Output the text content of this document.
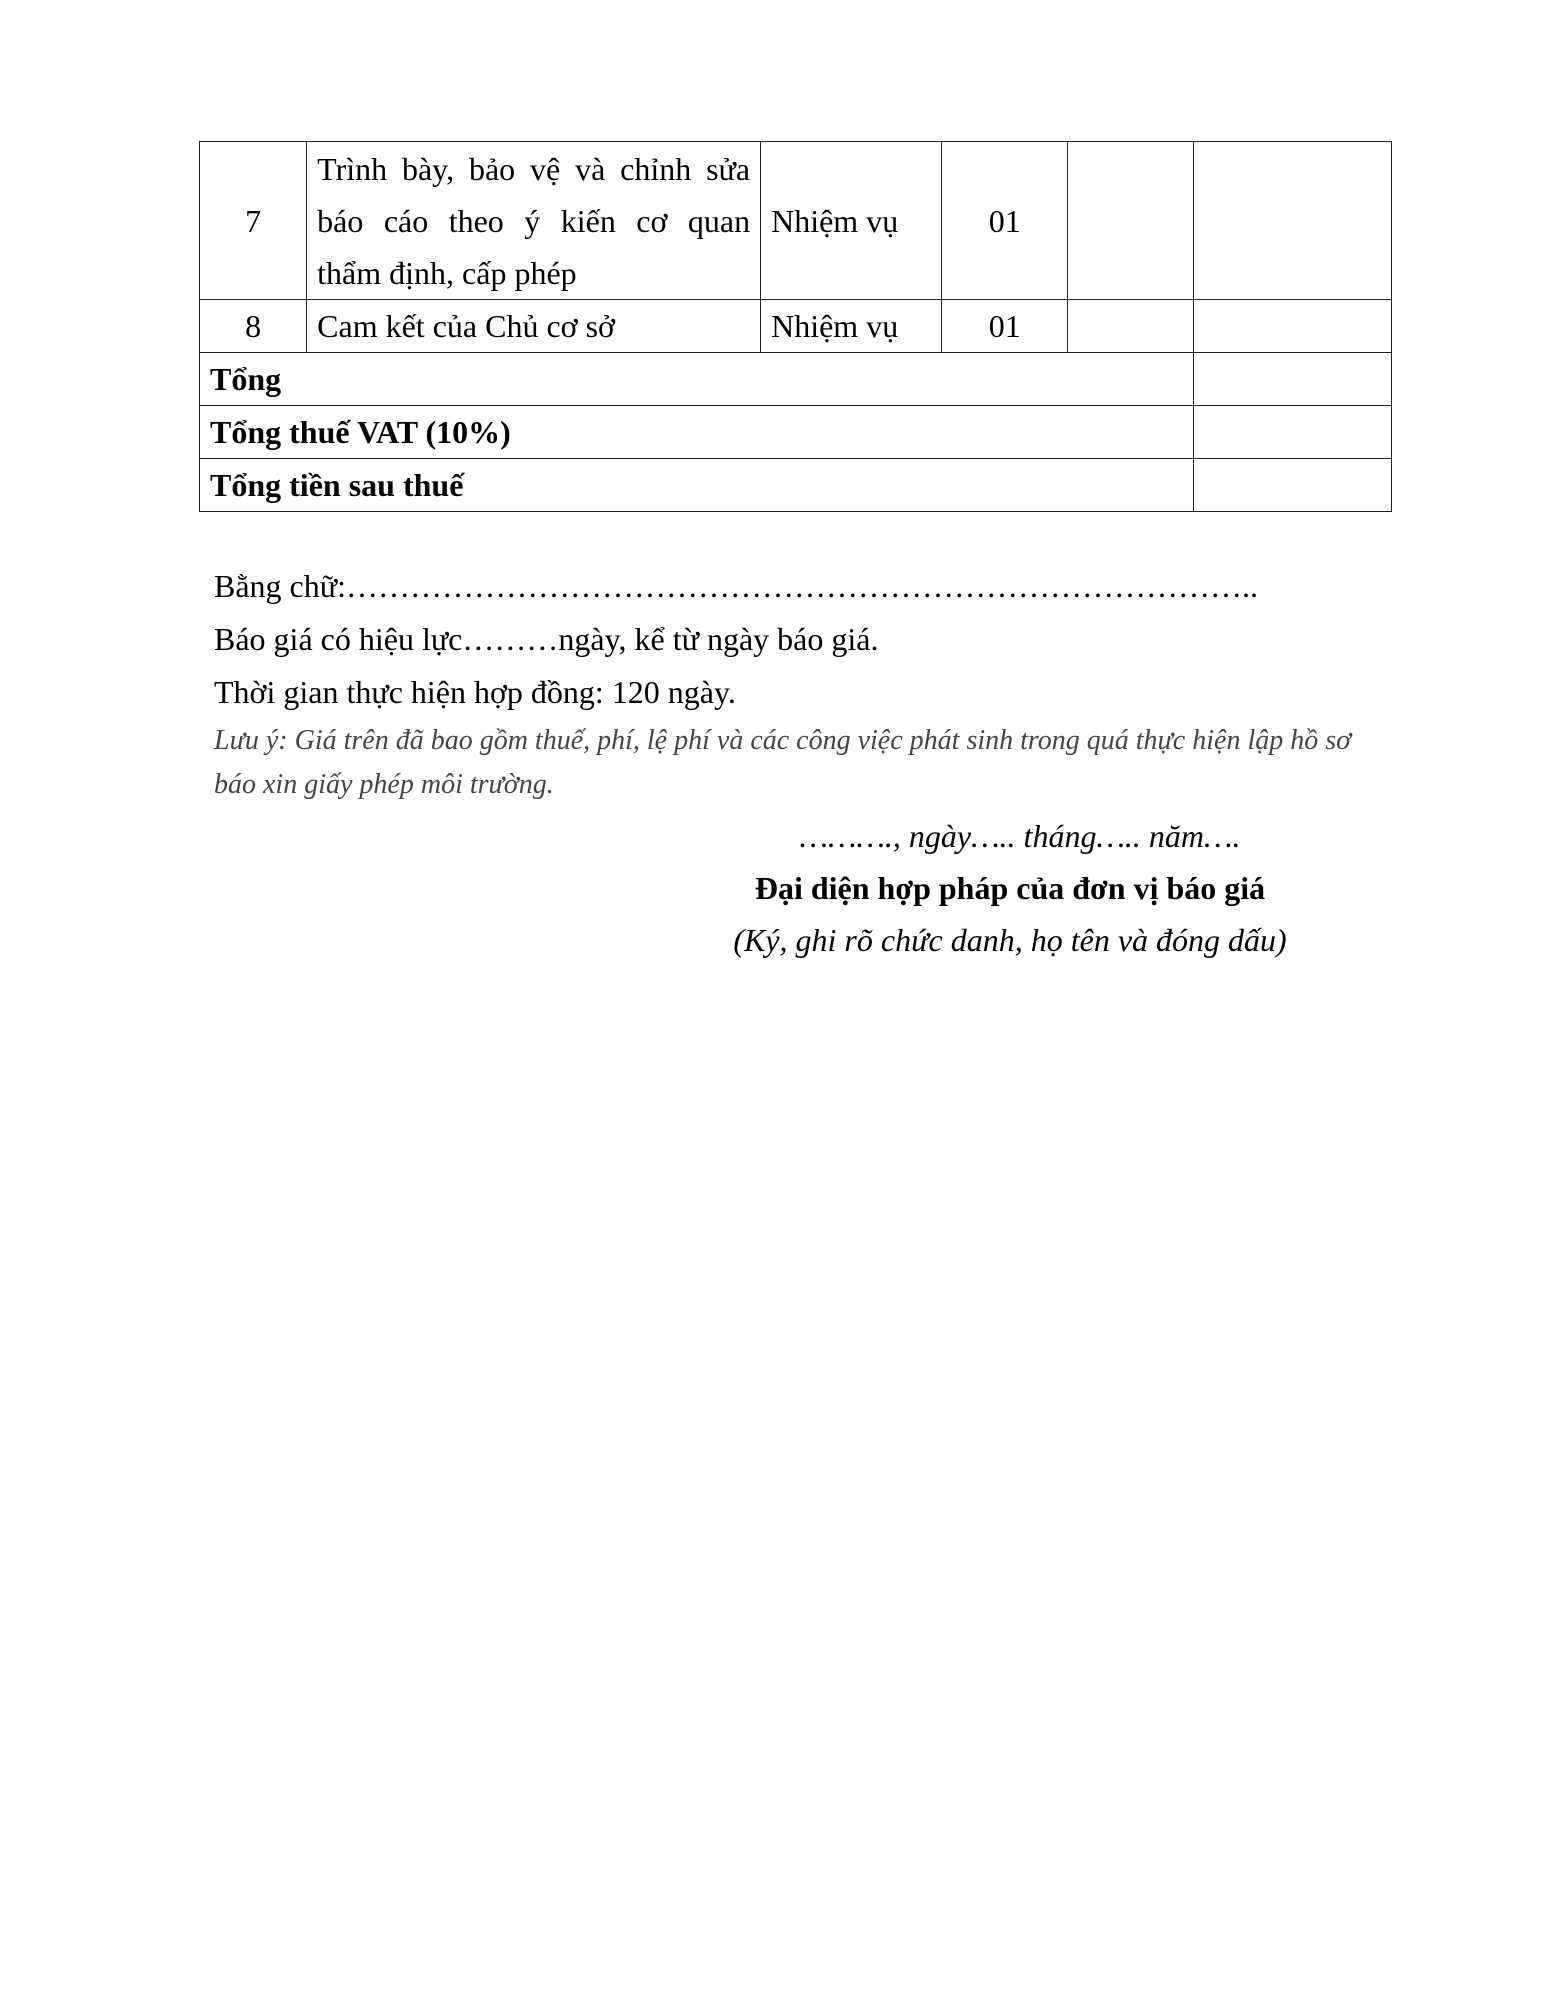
7	Trình bày, bảo vệ và chỉnh sửa
báo cáo theo ý kiến cơ quan
thẩm định, cấp phép	Nhiệm vụ	01		
8	Cam kết của Chủ cơ sở	Nhiệm vụ	01		
Tổng					
Tổng thuế VAT (10%)					
Tổng tiền sau thuế					
Bằng chữ:…………………………………………………………………………..
Báo giá có hiệu lực………ngày, kể từ ngày báo giá.
Thời gian thực hiện hợp đồng: 120 ngày.
Lưu ý: Giá trên đã bao gồm thuế, phí, lệ phí và các công việc phát sinh trong quá thực hiện lập hồ sơ báo xin giấy phép môi trường.
………., ngày….. tháng….. năm….
Đại diện hợp pháp của đơn vị báo giá
(Ký, ghi rõ chức danh, họ tên và đóng dấu)
